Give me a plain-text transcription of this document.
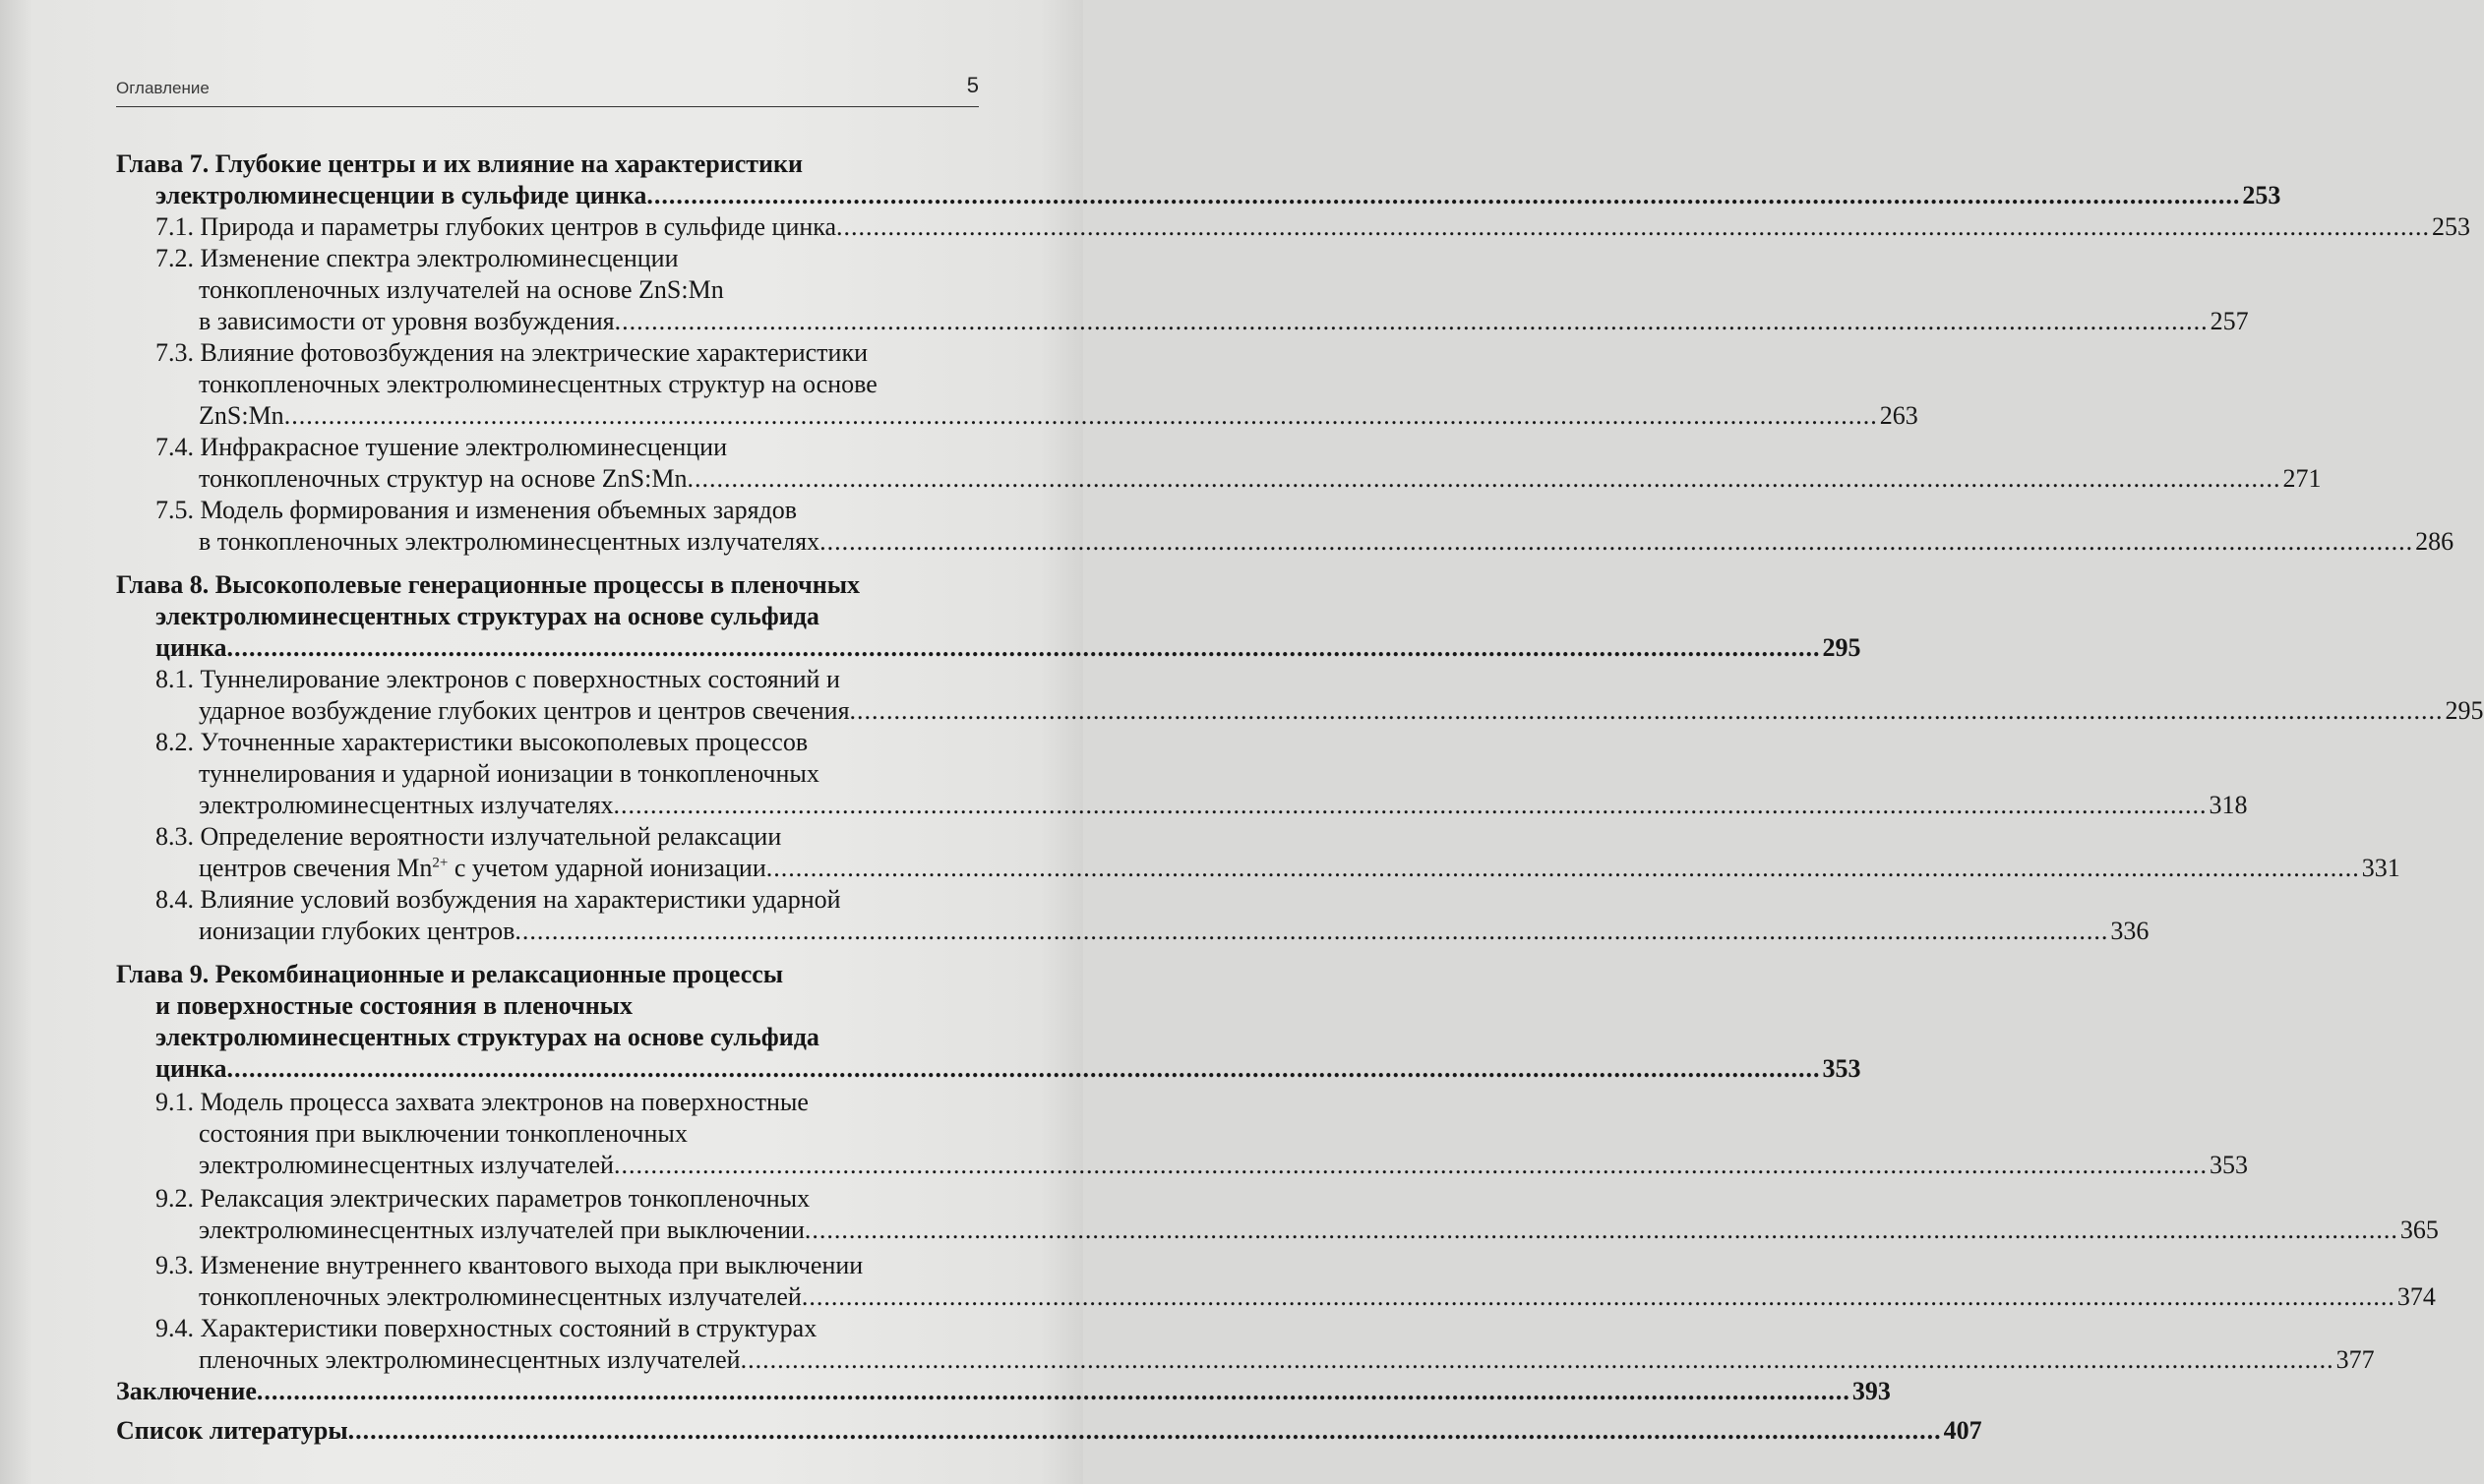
Оглавление	5
Глава 7. Глубокие центры и их влияние на характеристики
электролюминесценции в сульфиде цинка .....	253
7.1. Природа и параметры глубоких центров в сульфиде цинка .....	253
7.2. Изменение спектра электролюминесценции
тонкопленочных излучателей на основе ZnS:Mn
в зависимости от уровня возбуждения .....	257
7.3. Влияние фотовозбуждения на электрические характеристики
тонкопленочных электролюминесцентных структур на основе
ZnS:Mn .....	263
7.4. Инфракрасное тушение электролюминесценции
тонкопленочных структур на основе ZnS:Mn .....	271
7.5. Модель формирования и изменения объемных зарядов
в тонкопленочных электролюминесцентных излучателях .....	286
Глава 8. Высокополевые генерационные процессы в пленочных
электролюминесцентных структурах на основе сульфида
цинка .....	295
8.1. Туннелирование электронов с поверхностных состояний и
ударное возбуждение глубоких центров и центров свечения .....	295
8.2. Уточненные характеристики высокополевых процессов
туннелирования и ударной ионизации в тонкопленочных
электролюминесцентных излучателях .....	318
8.3. Определение вероятности излучательной релаксации
центров свечения $Mn^{2+}$ с учетом ударной ионизации .....	331
8.4. Влияние условий возбуждения на характеристики ударной
ионизации глубоких центров .....	336
Глава 9. Рекомбинационные и релаксационные процессы
и поверхностные состояния в пленочных
электролюминесцентных структурах на основе сульфида
цинка .....	353
9.1. Модель процесса захвата электронов на поверхностные
состояния при выключении тонкопленочных
электролюминесцентных излучателей .....	353
9.2. Релаксация электрических параметров тонкопленочных
электролюминесцентных излучателей при выключении .....	365
9.3. Изменение внутреннего квантового выхода при выключении
тонкопленочных электролюминесцентных излучателей .....	374
9.4. Характеристики поверхностных состояний в структурах
пленочных электролюминесцентных излучателей .....	377
Заключение .....	393
Список литературы .....	407
